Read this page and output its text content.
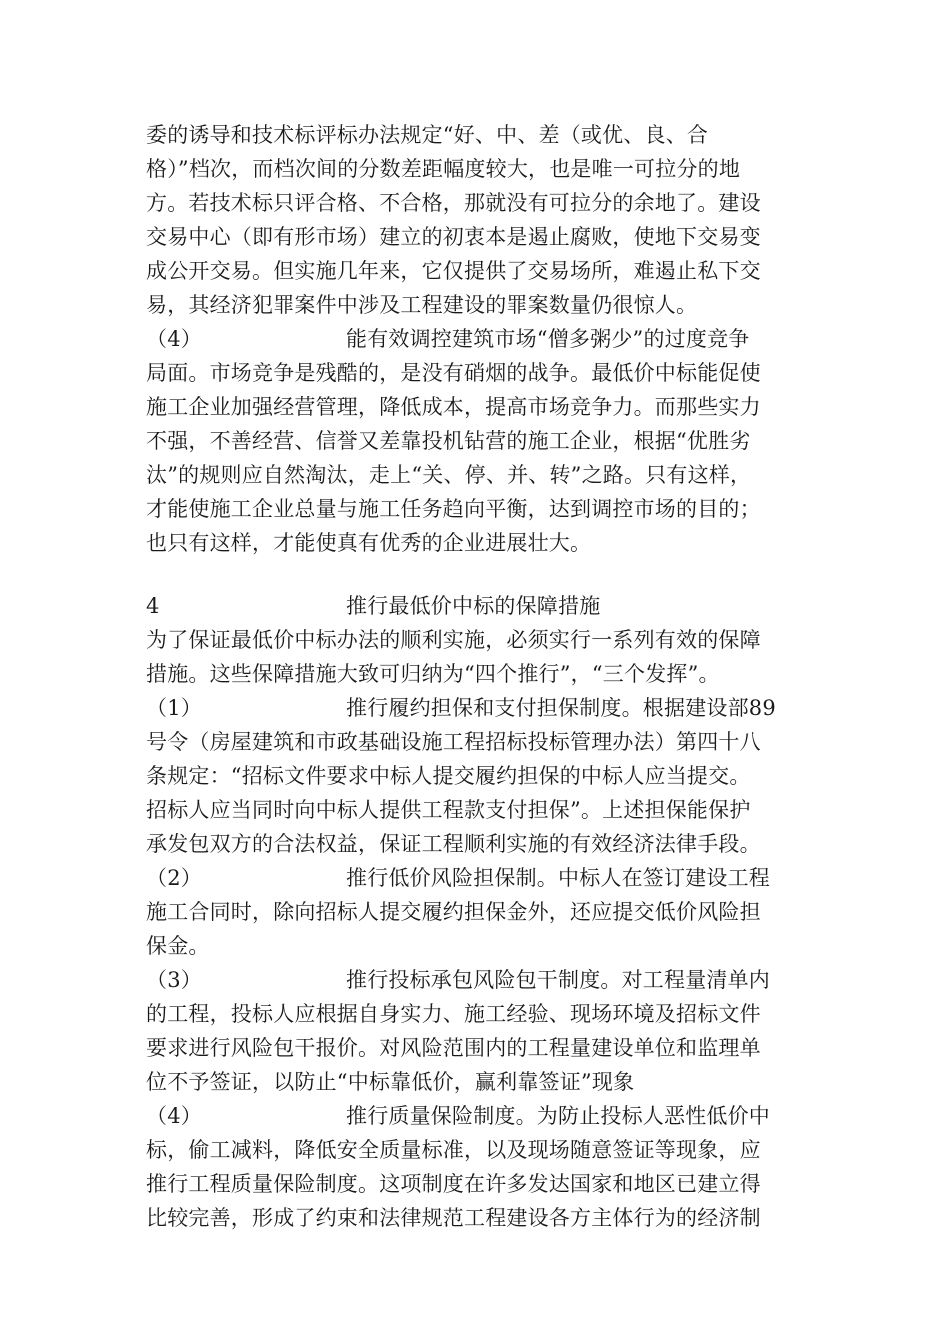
委的诱导和技术标评标办法规定“好、中、差（或优、良、合
格）”档次，而档次间的分数差距幅度较大，也是唯一可拉分的地
方。若技术标只评合格、不合格，那就没有可拉分的余地了。建设
交易中心（即有形市场）建立的初衷本是遏止腐败，使地下交易变
成公开交易。但实施几年来，它仅提供了交易场所，难遏止私下交
易，其经济犯罪案件中涉及工程建设的罪案数量仍很惊人。
（4）	能有效调控建筑市场“僧多粥少”的过度竞争
局面。市场竞争是残酷的，是没有硝烟的战争。最低价中标能促使
施工企业加强经营管理，降低成本，提高市场竞争力。而那些实力
不强，不善经营、信誉又差靠投机钻营的施工企业，根据“优胜劣
汰”的规则应自然淘汰，走上“关、停、并、转”之路。只有这样，
才能使施工企业总量与施工任务趋向平衡，达到调控市场的目的；
也只有这样，才能使真有优秀的企业进展壮大。
4	推行最低价中标的保障措施
为了保证最低价中标办法的顺利实施，必须实行一系列有效的保障
措施。这些保障措施大致可归纳为“四个推行”，“三个发挥”。
（1）	推行履约担保和支付担保制度。根据建设部89
号令（房屋建筑和市政基础设施工程招标投标管理办法）第四十八
条规定：“招标文件要求中标人提交履约担保的中标人应当提交。
招标人应当同时向中标人提供工程款支付担保”。上述担保能保护
承发包双方的合法权益，保证工程顺利实施的有效经济法律手段。
（2）	推行低价风险担保制。中标人在签订建设工程
施工合同时，除向招标人提交履约担保金外，还应提交低价风险担
保金。
（3）	推行投标承包风险包干制度。对工程量清单内
的工程，投标人应根据自身实力、施工经验、现场环境及招标文件
要求进行风险包干报价。对风险范围内的工程量建设单位和监理单
位不予签证，以防止“中标靠低价，赢利靠签证”现象
（4）	推行质量保险制度。为防止投标人恶性低价中
标，偷工减料，降低安全质量标准，以及现场随意签证等现象，应
推行工程质量保险制度。这项制度在许多发达国家和地区已建立得
比较完善，形成了约束和法律规范工程建设各方主体行为的经济制
